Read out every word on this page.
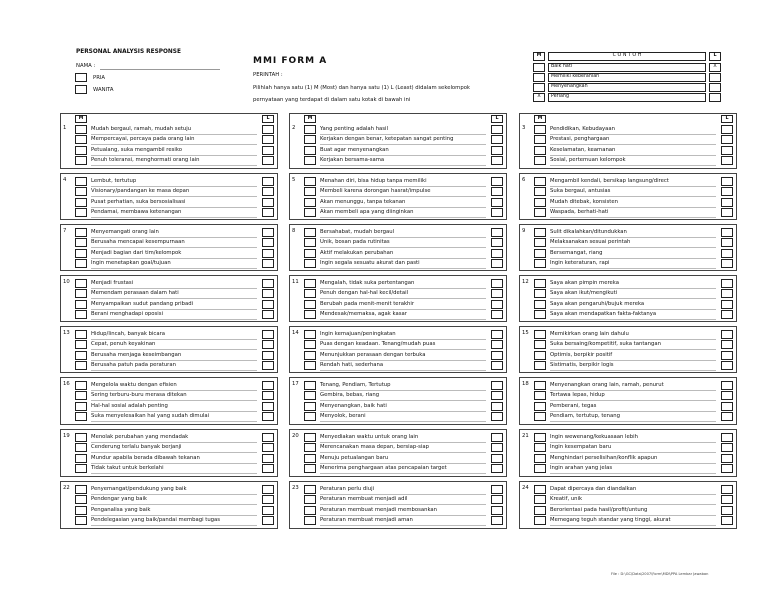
PERSONAL ANALYSIS RESPONSE
NAMA :
PRIA
WANITA
MMI FORM A
PERINTAH :
Pilihlah hanya satu (1) M (Most) dan hanya satu (1) L (Least) didalam sekelompok
pernyataan yang terdapat di dalam satu kotak di bawah ini
M	C O N T O H	L
Baik hati	X
Memiliki keberanian
Menyenangkan
X	Periang
M	L	M	L	M	L
1	Mudah bergaul, ramah, mudah setuju
Mempercayai, percaya pada orang lain
Petualang, suka mengambil resiko
Penuh toleransi, menghormati orang lain
2	Yang penting adalah hasil
Kerjakan dengan benar, ketepatan sangat penting
Buat agar menyenangkan
Kerjakan bersama-sama
3	Pendidikan, Kebudayaan
Prestasi, penghargaan
Keselamatan, keamanan
Sosial, pertemuan kelompok
4	Lembut, tertutup
Visionary/pandangan ke masa depan
Pusat perhatian, suka bersosialisasi
Pendamai, membawa ketenangan
5	Menahan diri, bisa hidup tanpa memiliki
Membeli karena dorongan hasrat/impulse
Akan menunggu, tanpa tekanan
Akan membeli apa yang diinginkan
6	Mengambil kendali, bersikap langsung/direct
Suka bergaul, antusias
Mudah ditebak, konsisten
Waspada, berhati-hati
7	Menyemangati orang lain
Berusaha mencapai kesempurnaan
Menjadi bagian dari tim/kelompok
Ingin menetapkan goal/tujuan
8	Bersahabat, mudah bergaul
Unik, bosan pada rutinitas
Aktif melakukan perubahan
Ingin segala sesuatu akurat dan pasti
9	Sulit dikalahkan/ditundukkan
Melaksanakan sesuai perintah
Bersemangat, riang
Ingin keteraturan, rapi
10	Menjadi frustasi
Memendam perasaan dalam hati
Menyampaikan sudut pandang pribadi
Berani menghadapi oposisi
11	Mengalah, tidak suka pertentangan
Penuh dengan hal-hal kecil/detail
Berubah pada menit-menit terakhir
Mendesak/memaksa, agak kasar
12	Saya akan pimpin mereka
Saya akan ikut/mengikuti
Saya akan pengaruhi/bujuk mereka
Saya akan mendapatkan fakta-faktanya
13	Hidup/lincah, banyak bicara
Cepat, penuh keyakinan
Berusaha menjaga keseimbangan
Berusaha patuh pada peraturan
14	Ingin kemajuan/peningkatan
Puas dengan keadaan. Tenang/mudah puas
Menunjukkan perasaan dengan terbuka
Rendah hati, sederhana
15	Memikirkan orang lain dahulu
Suka bersaing/kompetitif, suka tantangan
Optimis, berpikir positif
Sistimatis, berpikir logis
16	Mengelola waktu dengan efisien
Sering terburu-buru merasa ditekan
Hal-hal sosial adalah penting
Suka menyelesaikan hal yang sudah dimulai
17	Tenang, Pendiam, Tertutup
Gembira, bebas, riang
Menyenangkan, baik hati
Menyolok, berani
18	Menyenangkan orang lain, ramah, penurut
Tertawa lepas, hidup
Pemberani, tegas
Pendiam, tertutup, tenang
19	Menolak perubahan yang mendadak
Cenderung terlalu banyak berjanji
Mundur apabila berada dibawah tekanan
Tidak takut untuk berkelahi
20	Menyediakan waktu untuk orang lain
Merencanakan masa depan, bersiap-siap
Menuju petualangan baru
Menerima penghargaan atas pencapaian target
21	Ingin wewenang/kekuasaan lebih
Ingin kesempatan baru
Menghindari perselisihan/konflik apapun
Ingin arahan yang jelas
22	Penyemangat/pendukung yang baik
Pendengar yang baik
Penganalisa yang baik
Pendelegasian yang baik/pandai membagi tugas
23	Peraturan perlu diuji
Peraturan membuat menjadi adil
Peraturan membuat menjadi membosankan
Peraturan membuat menjadi aman
24	Dapat dipercaya dan diandalkan
Kreatif, unik
Berorientasi pada hasil/profit/untung
Memegang teguh standar yang tinggi, akurat
File : D:\GC\Data\2007\Form\MDI\PPA Lembar Jawaban
